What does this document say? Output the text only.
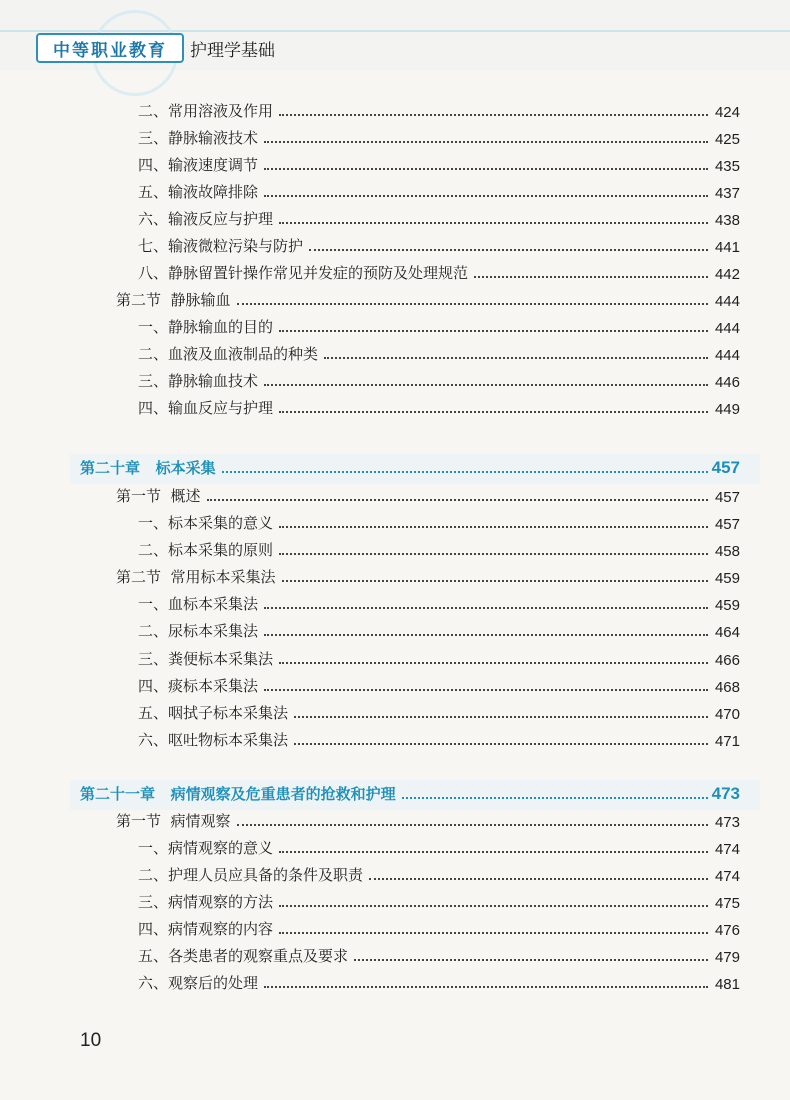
中等职业教育 护理学基础
二、常用溶液及作用	424
三、静脉输液技术	425
四、输液速度调节	435
五、输液故障排除	437
六、输液反应与护理	438
七、输液微粒污染与防护	441
八、静脉留置针操作常见并发症的预防及处理规范	442
第二节  静脉输血	444
一、静脉输血的目的	444
二、血液及血液制品的种类	444
三、静脉输血技术	446
四、输血反应与护理	449
第二十章   标本采集	457
第一节  概述	457
一、标本采集的意义	457
二、标本采集的原则	458
第二节  常用标本采集法	459
一、血标本采集法	459
二、尿标本采集法	464
三、粪便标本采集法	466
四、痰标本采集法	468
五、咽拭子标本采集法	470
六、呕吐物标本采集法	471
第二十一章   病情观察及危重患者的抢救和护理	473
第一节  病情观察	473
一、病情观察的意义	474
二、护理人员应具备的条件及职责	474
三、病情观察的方法	475
四、病情观察的内容	476
五、各类患者的观察重点及要求	479
六、观察后的处理	481
10
